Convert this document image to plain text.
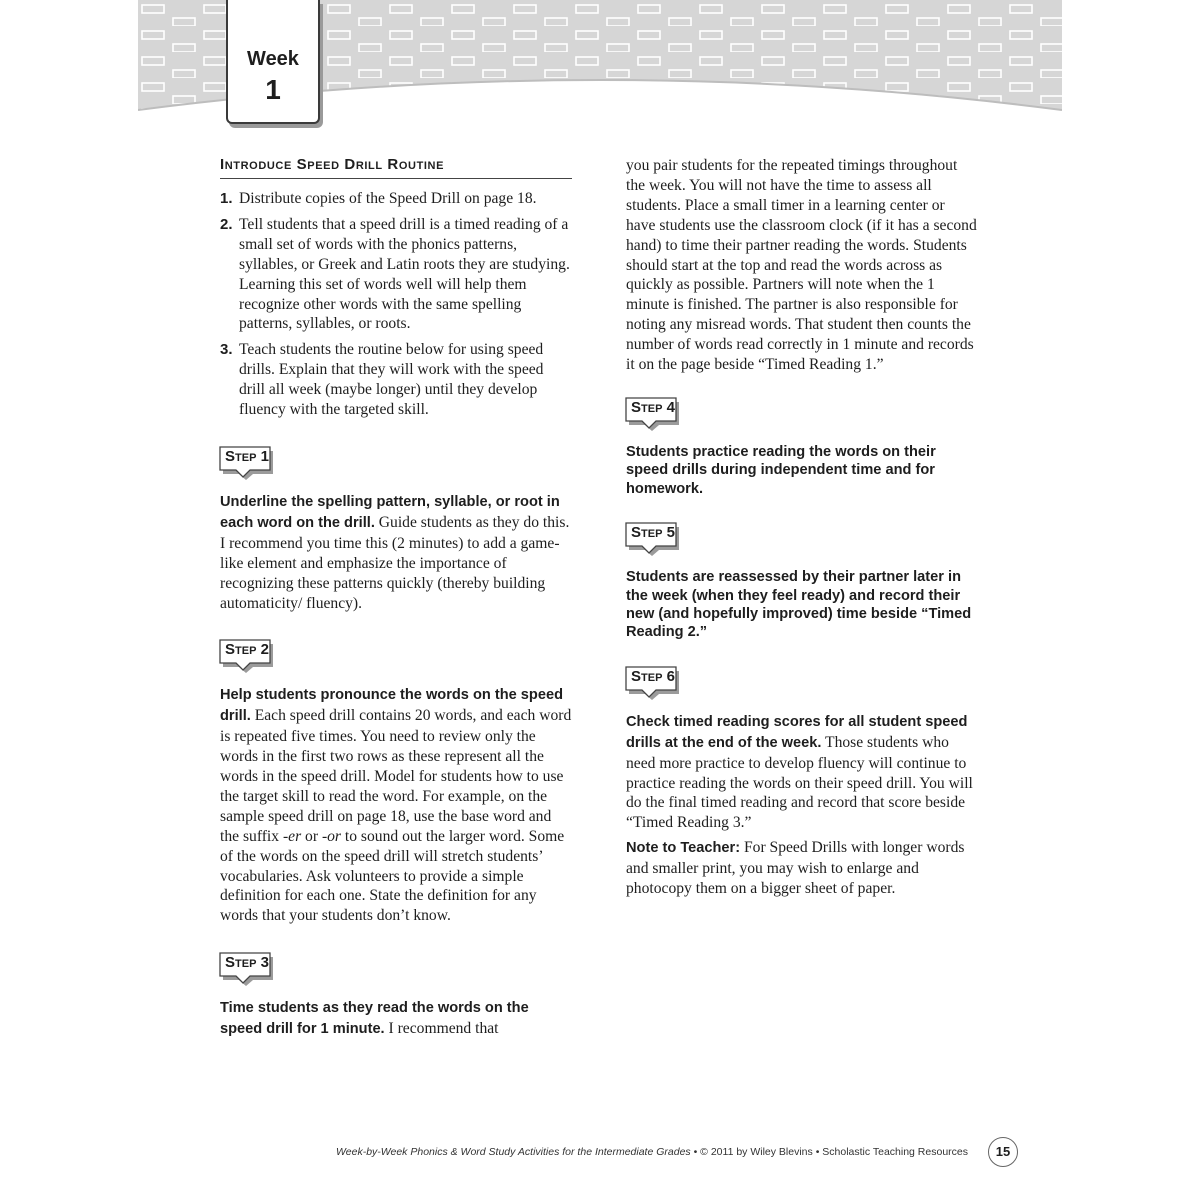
Week
1
Introduce Speed Drill Routine
1. Distribute copies of the Speed Drill on page 18.
2. Tell students that a speed drill is a timed reading of a small set of words with the phonics patterns, syllables, or Greek and Latin roots they are studying. Learning this set of words well will help them recognize other words with the same spelling patterns, syllables, or roots.
3. Teach students the routine below for using speed drills. Explain that they will work with the speed drill all week (maybe longer) until they develop fluency with the targeted skill.
Step 1

Underline the spelling pattern, syllable, or root in each word on the drill. Guide students as they do this. I recommend you time this (2 minutes) to add a game-like element and emphasize the importance of recognizing these patterns quickly (thereby building automaticity/ fluency).

Step 2

Help students pronounce the words on the speed drill. Each speed drill contains 20 words, and each word is repeated five times. You need to review only the words in the first two rows as these represent all the words in the speed drill. Model for students how to use the target skill to read the word. For example, on the sample speed drill on page 18, use the base word and the suffix -er or -or to sound out the larger word. Some of the words on the speed drill will stretch students’ vocabularies. Ask volunteers to provide a simple definition for each one. State the definition for any words that your students don’t know.

Step 3

Time students as they read the words on the speed drill for 1 minute. I recommend that

you pair students for the repeated timings throughout the week. You will not have the time to assess all students. Place a small timer in a learning center or have students use the classroom clock (if it has a second hand) to time their partner reading the words. Students should start at the top and read the words across as quickly as possible. Partners will note when the 1 minute is finished. The partner is also responsible for noting any misread words. That student then counts the number of words read correctly in 1 minute and records it on the page beside “Timed Reading 1.”

Step 4

Students practice reading the words on their speed drills during independent time and for homework.

Step 5

Students are reassessed by their partner later in the week (when they feel ready) and record their new (and hopefully improved) time beside “Timed Reading 2.”

Step 6

Check timed reading scores for all student speed drills at the end of the week. Those students who need more practice to develop fluency will continue to practice reading the words on their speed drill. You will do the final timed reading and record that score beside “Timed Reading 3.”

Note to Teacher: For Speed Drills with longer words and smaller print, you may wish to enlarge and photocopy them on a bigger sheet of paper.

Week-by-Week Phonics & Word Study Activities for the Intermediate Grades • © 2011 by Wiley Blevins • Scholastic Teaching Resources	15
